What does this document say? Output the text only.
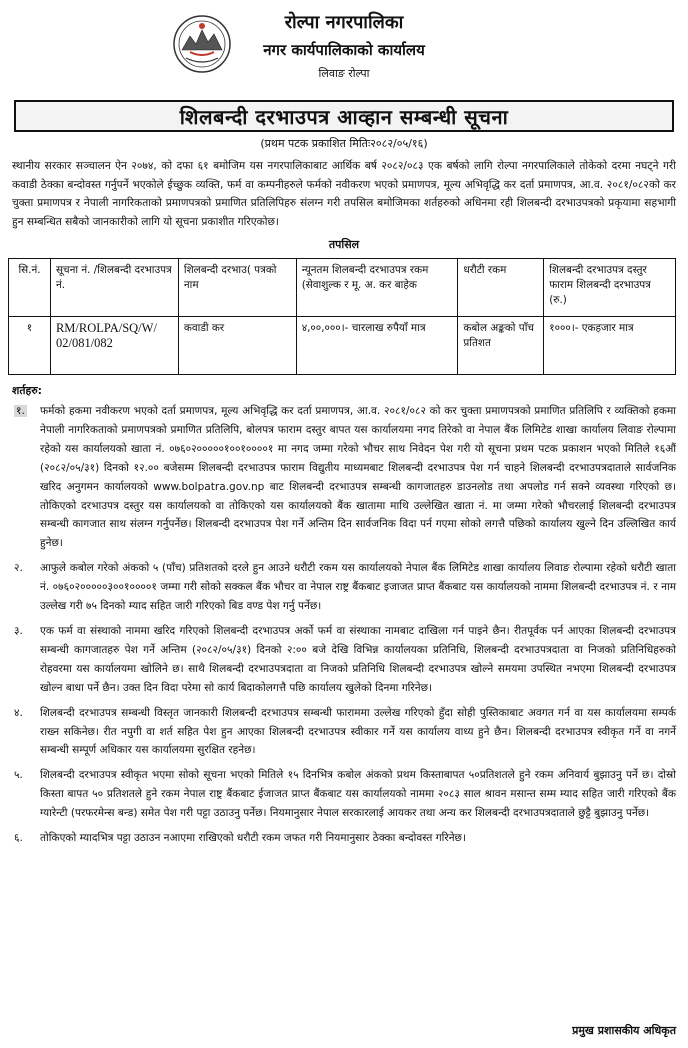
रोल्पा नगरपालिका
नगर कार्यपालिकाको कार्यालय
लिवाङ रोल्पा
शिलबन्दी दरभाउपत्र आव्हान सम्बन्धी सूचना
(प्रथम पटक प्रकाशित मितिः२०८२/०५/१६)

स्थानीय सरकार सञ्चालन ऐन २०७४, को दफा ६१ बमोजिम यस नगरपालिकाबाट आर्थिक बर्ष २०८२/०८३ एक बर्षको लागि रोल्पा नगरपालिकाले तोकेको दरमा नघट्ने गरी कवाडी ठेक्का बन्दोवस्त गर्नुपर्ने भएकोले ईच्छुक व्यक्ति, फर्म वा कम्पनीहरुले फर्मको नवीकरण भएको प्रमाणपत्र, मूल्य अभिवृद्धि कर दर्ता प्रमाणपत्र, आ.व. २०८१/०८२को कर चुक्ता प्रमाणपत्र र नेपाली नागरिकताको प्रमाणपत्रको प्रमाणित प्रतिलिपिहरु संलग्न गरी तपसिल बमोजिमका शर्तहरुको अधिनमा रही शिलबन्दी दरभाउपत्रको प्रकृयामा सहभागी हुन सम्बन्धित सबैको जानकारीको लागि यो सूचना प्रकाशीत गरिएकोछ।

तपसिल
सि.नं.	सूचना नं. /शिलबन्दी दरभाउपत्र नं.	शिलबन्दी दरभाउ( पत्रको नाम	न्यूनतम शिलबन्दी दरभाउपत्र रकम (सेवाशुल्क र मू. अ. कर बाहेक	धरौटी रकम	शिलबन्दी दरभाउपत्र दस्तुर फाराम शिलबन्दी दरभाउपत्र (रु.)
१	RM/ROLPA/SQ/W/ 02/081/082	कवाडी कर	४,००,०००।- चारलाख रुपैयाँ मात्र	कबोल अङ्कको पाँच प्रतिशत	१०००।- एकहजार मात्र
शर्तहरु:
१.	फर्मको हकमा नवीकरण भएको दर्ता प्रमाणपत्र, मूल्य अभिवृद्धि कर दर्ता प्रमाणपत्र, आ.व. २०८१/०८२ को कर चुक्ता प्रमाणपत्रको प्रमाणित प्रतिलिपि र व्यक्तिको हकमा नेपाली नागरिकताको प्रमाणपत्रको प्रमाणित प्रतिलिपि, बोलपत्र फाराम दस्तुर बापत यस कार्यालयमा नगद तिरेको वा नेपाल बैंक लिमिटेड शाखा कार्यालय लिवाङ रोल्पामा रहेको यस कार्यालयको खाता नं. ०७६०२०००००१००१००००१ मा नगद जम्मा गरेको भौचर साथ निवेदन पेश गरी यो सूचना प्रथम पटक प्रकाशन भएको मितिले १६औं (२०८२/०५/३१) दिनको १२.०० बजेसम्म शिलबन्दी दरभाउपत्र फाराम विद्युतीय माध्यमबाट शिलबन्दी दरभाउपत्र पेश गर्न चाहने शिलबन्दी दरभाउपत्रदाताले सार्वजनिक खरिद अनुगमन कार्यालयको www.bolpatra.gov.np बाट शिलबन्दी दरभाउपत्र सम्बन्धी कागजातहरु डाउनलोड तथा अपलोड गर्न सक्ने व्यवस्था गरिएको छ। तोकिएको दरभाउपत्र दस्तुर यस कार्यालयको वा तोकिएको यस कार्यालयको बैंक खातामा माथि उल्लेखित खाता नं. मा जम्मा गरेको भौचरलाई शिलबन्दी दरभाउपत्र सम्बन्धी कागजात साथ संलग्न गर्नुपर्नेछ। शिलबन्दी दरभाउपत्र पेश गर्ने अन्तिम दिन सार्वजनिक विदा पर्न गएमा सोको लगत्तै पछिको कार्यालय खुल्ने दिन उल्लिखित कार्य हुनेछ।
२.	आफुले कबोल गरेको अंकको ५ (पाँच) प्रतिशतको दरले हुन आउने धरौटी रकम यस कार्यालयको नेपाल बैंक लिमिटेड शाखा कार्यालय लिवाङ रोल्पामा रहेको धरौटी खाता नं. ०७६०२०००००३००१००००१ जम्मा गरी सोको सक्कल बैंक भौचर वा नेपाल राष्ट्र बैंकबाट इजाजत प्राप्त बैंकबाट यस कार्यालयको नाममा शिलबन्दी दरभाउपत्र नं. र नाम उल्लेख गरी ७५ दिनको म्याद सहित जारी गरिएको बिड वण्ड पेश गर्नु पर्नेछ।
३.	एक फर्म वा संस्थाको नाममा खरिद गरिएको शिलबन्दी दरभाउपत्र अर्को फर्म वा संस्थाका नामबाट दाखिला गर्न पाइने छैन। रीतपूर्वक पर्न आएका शिलबन्दी दरभाउपत्र सम्बन्धी कागजातहरु पेश गर्ने अन्तिम (२०८२/०५/३१) दिनको २:०० बजे देखि विभिन्न कार्यालयका प्रतिनिधि, शिलबन्दी दरभाउपत्रदाता वा निजको प्रतिनिधिहरुको रोहवरमा यस कार्यालयमा खोलिने छ। साथै शिलबन्दी दरभाउपत्रदाता वा निजको प्रतिनिधि शिलबन्दी दरभाउपत्र खोल्ने समयमा उपस्थित नभएमा शिलबन्दी दरभाउपत्र खोल्न बाधा पर्ने छैन। उक्त दिन विदा परेमा सो कार्य बिदाकोलगत्तै पछि कार्यालय खुलेको दिनमा गरिनेछ।
४.	शिलबन्दी दरभाउपत्र सम्बन्धी विस्तृत जानकारी शिलबन्दी दरभाउपत्र सम्बन्धी फाराममा उल्लेख गरिएको हुँदा सोही पुस्तिकाबाट अवगत गर्न वा यस कार्यालयमा सम्पर्क राख्न सकिनेछ। रीत नपुगी वा शर्त सहित पेश हुन आएका शिलबन्दी दरभाउपत्र स्वीकार गर्ने यस कार्यालय वाध्य हुने छैन। शिलबन्दी दरभाउपत्र स्वीकृत गर्ने वा नगर्ने सम्बन्धी सम्पूर्ण अधिकार यस कार्यालयमा सुरक्षित रहनेछ।
५.	शिलबन्दी दरभाउपत्र स्वीकृत भएमा सोको सूचना भएको मितिले १५ दिनभित्र कबोल अंकको प्रथम किस्ताबापत ५०प्रतिशतले हुने रकम अनिवार्य बुझाउनु पर्ने छ। दोस्रो किस्ता बापत ५० प्रतिशतले हुने रकम नेपाल राष्ट्र बैंकबाट ईजाजत प्राप्त बैंकबाट यस कार्यालयको नाममा २०८३ साल श्रावन मसान्त सम्म म्याद सहित जारी गरिएको बैंक ग्यारेन्टी (परफरमेन्स बन्ड) समेत पेश गरी पट्टा उठाउनु पर्नेछ। नियमानुसार नेपाल सरकारलाई आयकर तथा अन्य कर शिलबन्दी दरभाउपत्रदाताले छुट्टै बुझाउनु पर्नेछ।
६.	तोकिएको म्यादभित्र पट्टा उठाउन नआएमा राखिएको धरौटी रकम जफत गरी नियमानुसार ठेक्का बन्दोवस्त गरिनेछ।
प्रमुख प्रशासकीय अधिकृत
